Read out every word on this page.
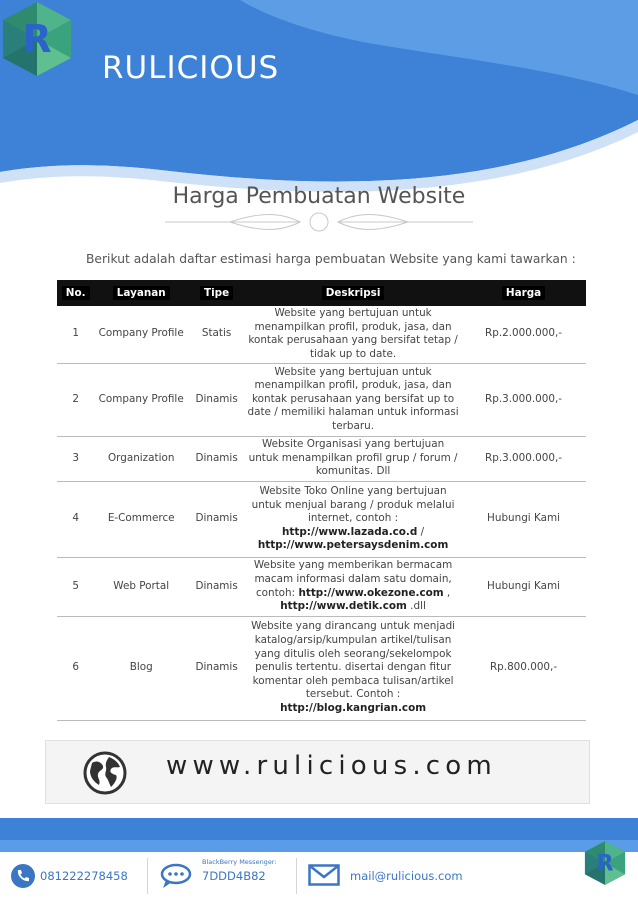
R
RULICIOUS
Harga Pembuatan Website
Berikut adalah daftar estimasi harga pembuatan Website yang kami tawarkan :
No.	Layanan	Tipe	Deskripsi	Harga
1	Company Profile	Statis	Website yang bertujuan untuk menampilkan profil, produk, jasa, dan kontak perusahaan yang bersifat tetap / tidak up to date.	Rp.2.000.000,-
2	Company Profile	Dinamis	Website yang bertujuan untuk menampilkan profil, produk, jasa, dan kontak perusahaan yang bersifat up to date / memiliki halaman untuk informasi terbaru.	Rp.3.000.000,-
3	Organization	Dinamis	Website Organisasi yang bertujuan untuk menampilkan profil grup / forum / komunitas. Dll	Rp.3.000.000,-
4	E-Commerce	Dinamis	Website Toko Online yang bertujuan untuk menjual barang / produk melalui internet, contoh :
http://www.lazada.co.d /
http://www.petersaysdenim.com	Hubungi Kami
5	Web Portal	Dinamis	Website yang memberikan bermacam macam informasi dalam satu domain, contoh: http://www.okezone.com ,
http://www.detik.com .dll	Hubungi Kami
6	Blog	Dinamis	Website yang dirancang untuk menjadi katalog/arsip/kumpulan artikel/tulisan yang ditulis oleh seorang/sekelompok penulis tertentu. disertai dengan fitur komentar oleh pembaca tulisan/artikel tersebut. Contoh :
http://blog.kangrian.com	Rp.800.000,-
www.rulicious.com
081222278458
BlackBerry Messenger:
7DDD4B82	mail@rulicious.com	R
